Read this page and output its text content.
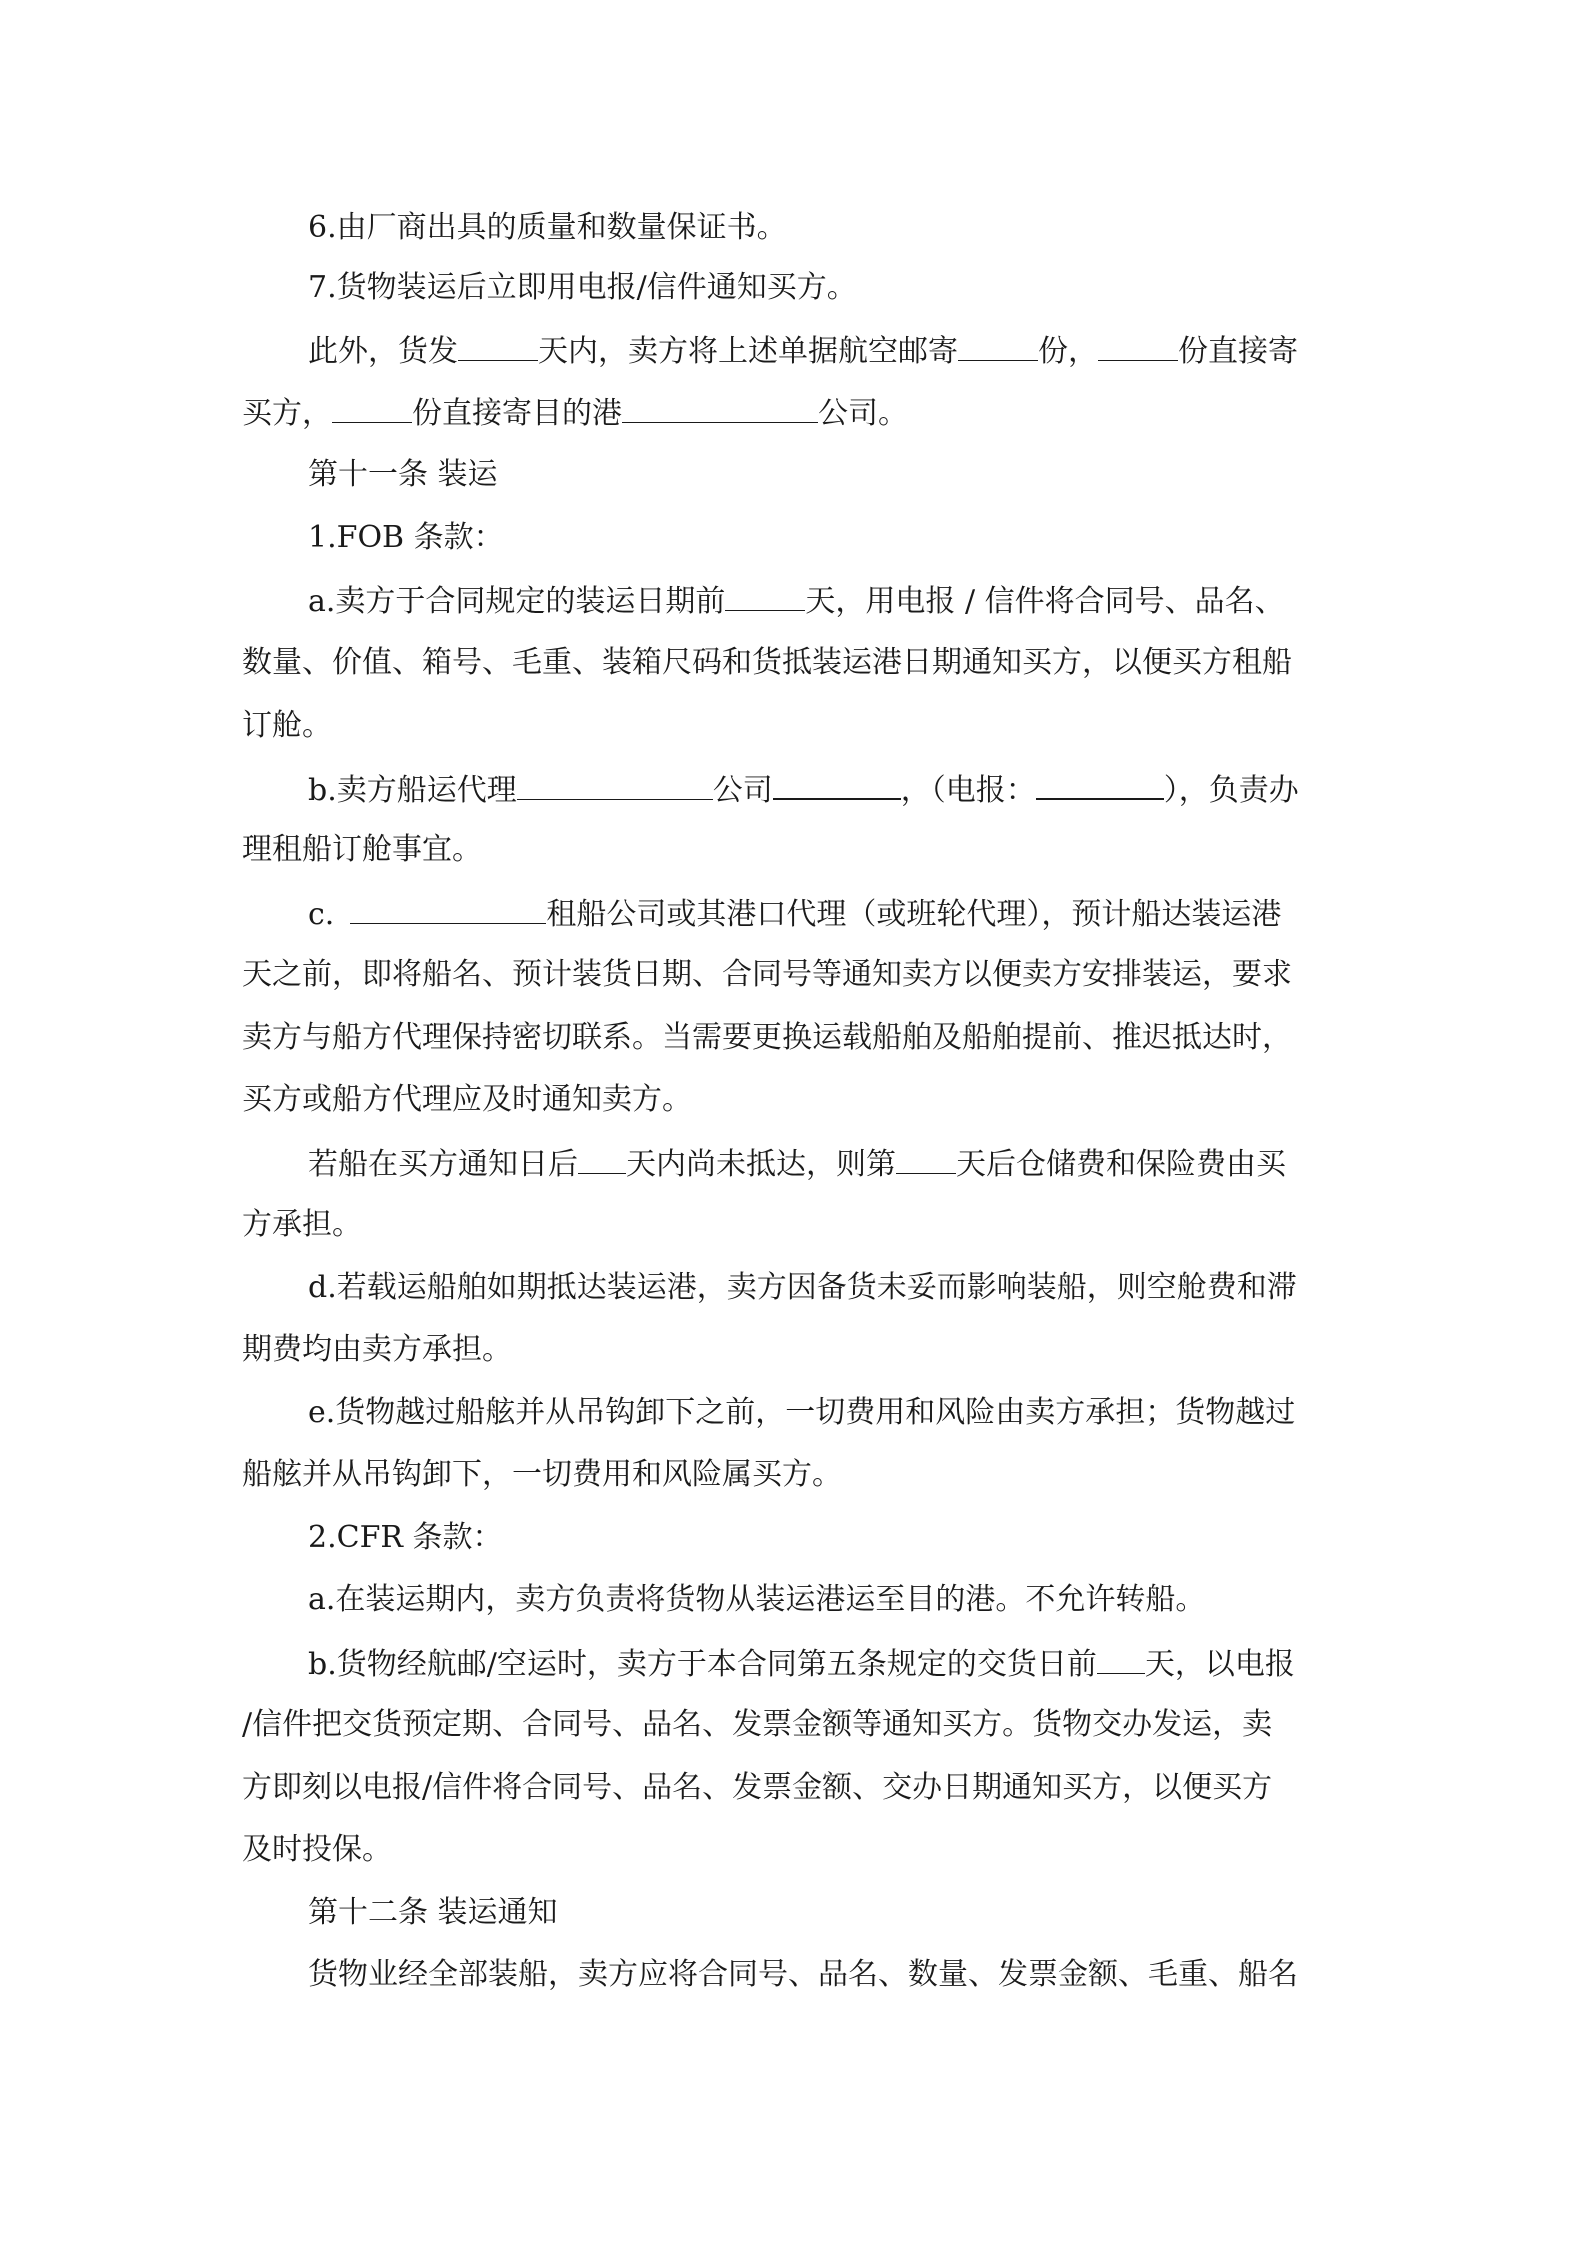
6.由厂商出具的质量和数量保证书。
7.货物装运后立即用电报/信件通知买方。
此外，货发	天内，卖方将上述单据航空邮寄	份，	份直接寄
买方，	份直接寄目的港	公司。
第十一条 装运
1.FOB 条款：
a.卖方于合同规定的装运日期前	天，用电报 / 信件将合同号、品名、
数量、价值、箱号、毛重、装箱尺码和货抵装运港日期通知买方，以便买方租船
订舱。
b.卖方船运代理	公司	，（电报：	），负责办
理租船订舱事宜。
c.	租船公司或其港口代理（或班轮代理），预计船达装运港
天之前，即将船名、预计装货日期、合同号等通知卖方以便卖方安排装运，要求
卖方与船方代理保持密切联系。当需要更换运载船舶及船舶提前、推迟抵达时，
买方或船方代理应及时通知卖方。
若船在买方通知日后 天内尚未抵达，则第 天后仓储费和保险费由买
方承担。
d.若载运船舶如期抵达装运港，卖方因备货未妥而影响装船，则空舱费和滞
期费均由卖方承担。
e.货物越过船舷并从吊钩卸下之前，一切费用和风险由卖方承担；货物越过
船舷并从吊钩卸下，一切费用和风险属买方。
2.CFR 条款：
a.在装运期内，卖方负责将货物从装运港运至目的港。不允许转船。
b.货物经航邮/空运时，卖方于本合同第五条规定的交货日前 天，以电报
/信件把交货预定期、合同号、品名、发票金额等通知买方。货物交办发运，卖
方即刻以电报/信件将合同号、品名、发票金额、交办日期通知买方，以便买方
及时投保。
第十二条 装运通知
货物业经全部装船，卖方应将合同号、品名、数量、发票金额、毛重、船名
